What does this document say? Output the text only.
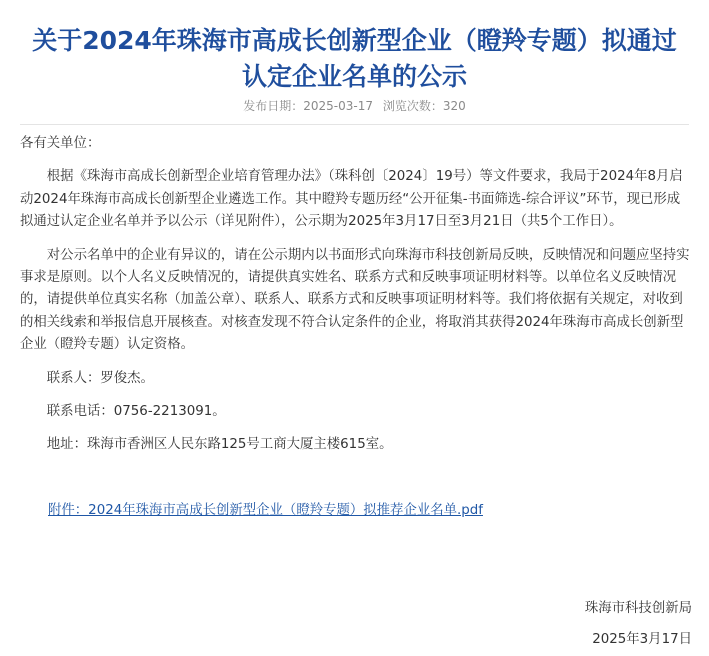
关于2024年珠海市高成长创新型企业（瞪羚专题）拟通过认定企业名单的公示
发布日期：2025-03-17 浏览次数：320

各有关单位：

根据《珠海市高成长创新型企业培育管理办法》（珠科创〔2024〕19号）等文件要求，我局于2024年8月启动2024年珠海市高成长创新型企业遴选工作。其中瞪羚专题历经“公开征集-书面筛选-综合评议”环节，现已形成拟通过认定企业名单并予以公示（详见附件），公示期为2025年3月17日至3月21日（共5个工作日）。

对公示名单中的企业有异议的，请在公示期内以书面形式向珠海市科技创新局反映，反映情况和问题应坚持实事求是原则。以个人名义反映情况的，请提供真实姓名、联系方式和反映事项证明材料等。以单位名义反映情况的，请提供单位真实名称（加盖公章）、联系人、联系方式和反映事项证明材料等。我们将依据有关规定，对收到的相关线索和举报信息开展核查。对核查发现不符合认定条件的企业，将取消其获得2024年珠海市高成长创新型企业（瞪羚专题）认定资格。

联系人：罗俊杰。

联系电话：0756-2213091。

地址：珠海市香洲区人民东路125号工商大厦主楼615室。

附件：2024年珠海市高成长创新型企业（瞪羚专题）拟推荐企业名单.pdf
珠海市科技创新局
2025年3月17日
